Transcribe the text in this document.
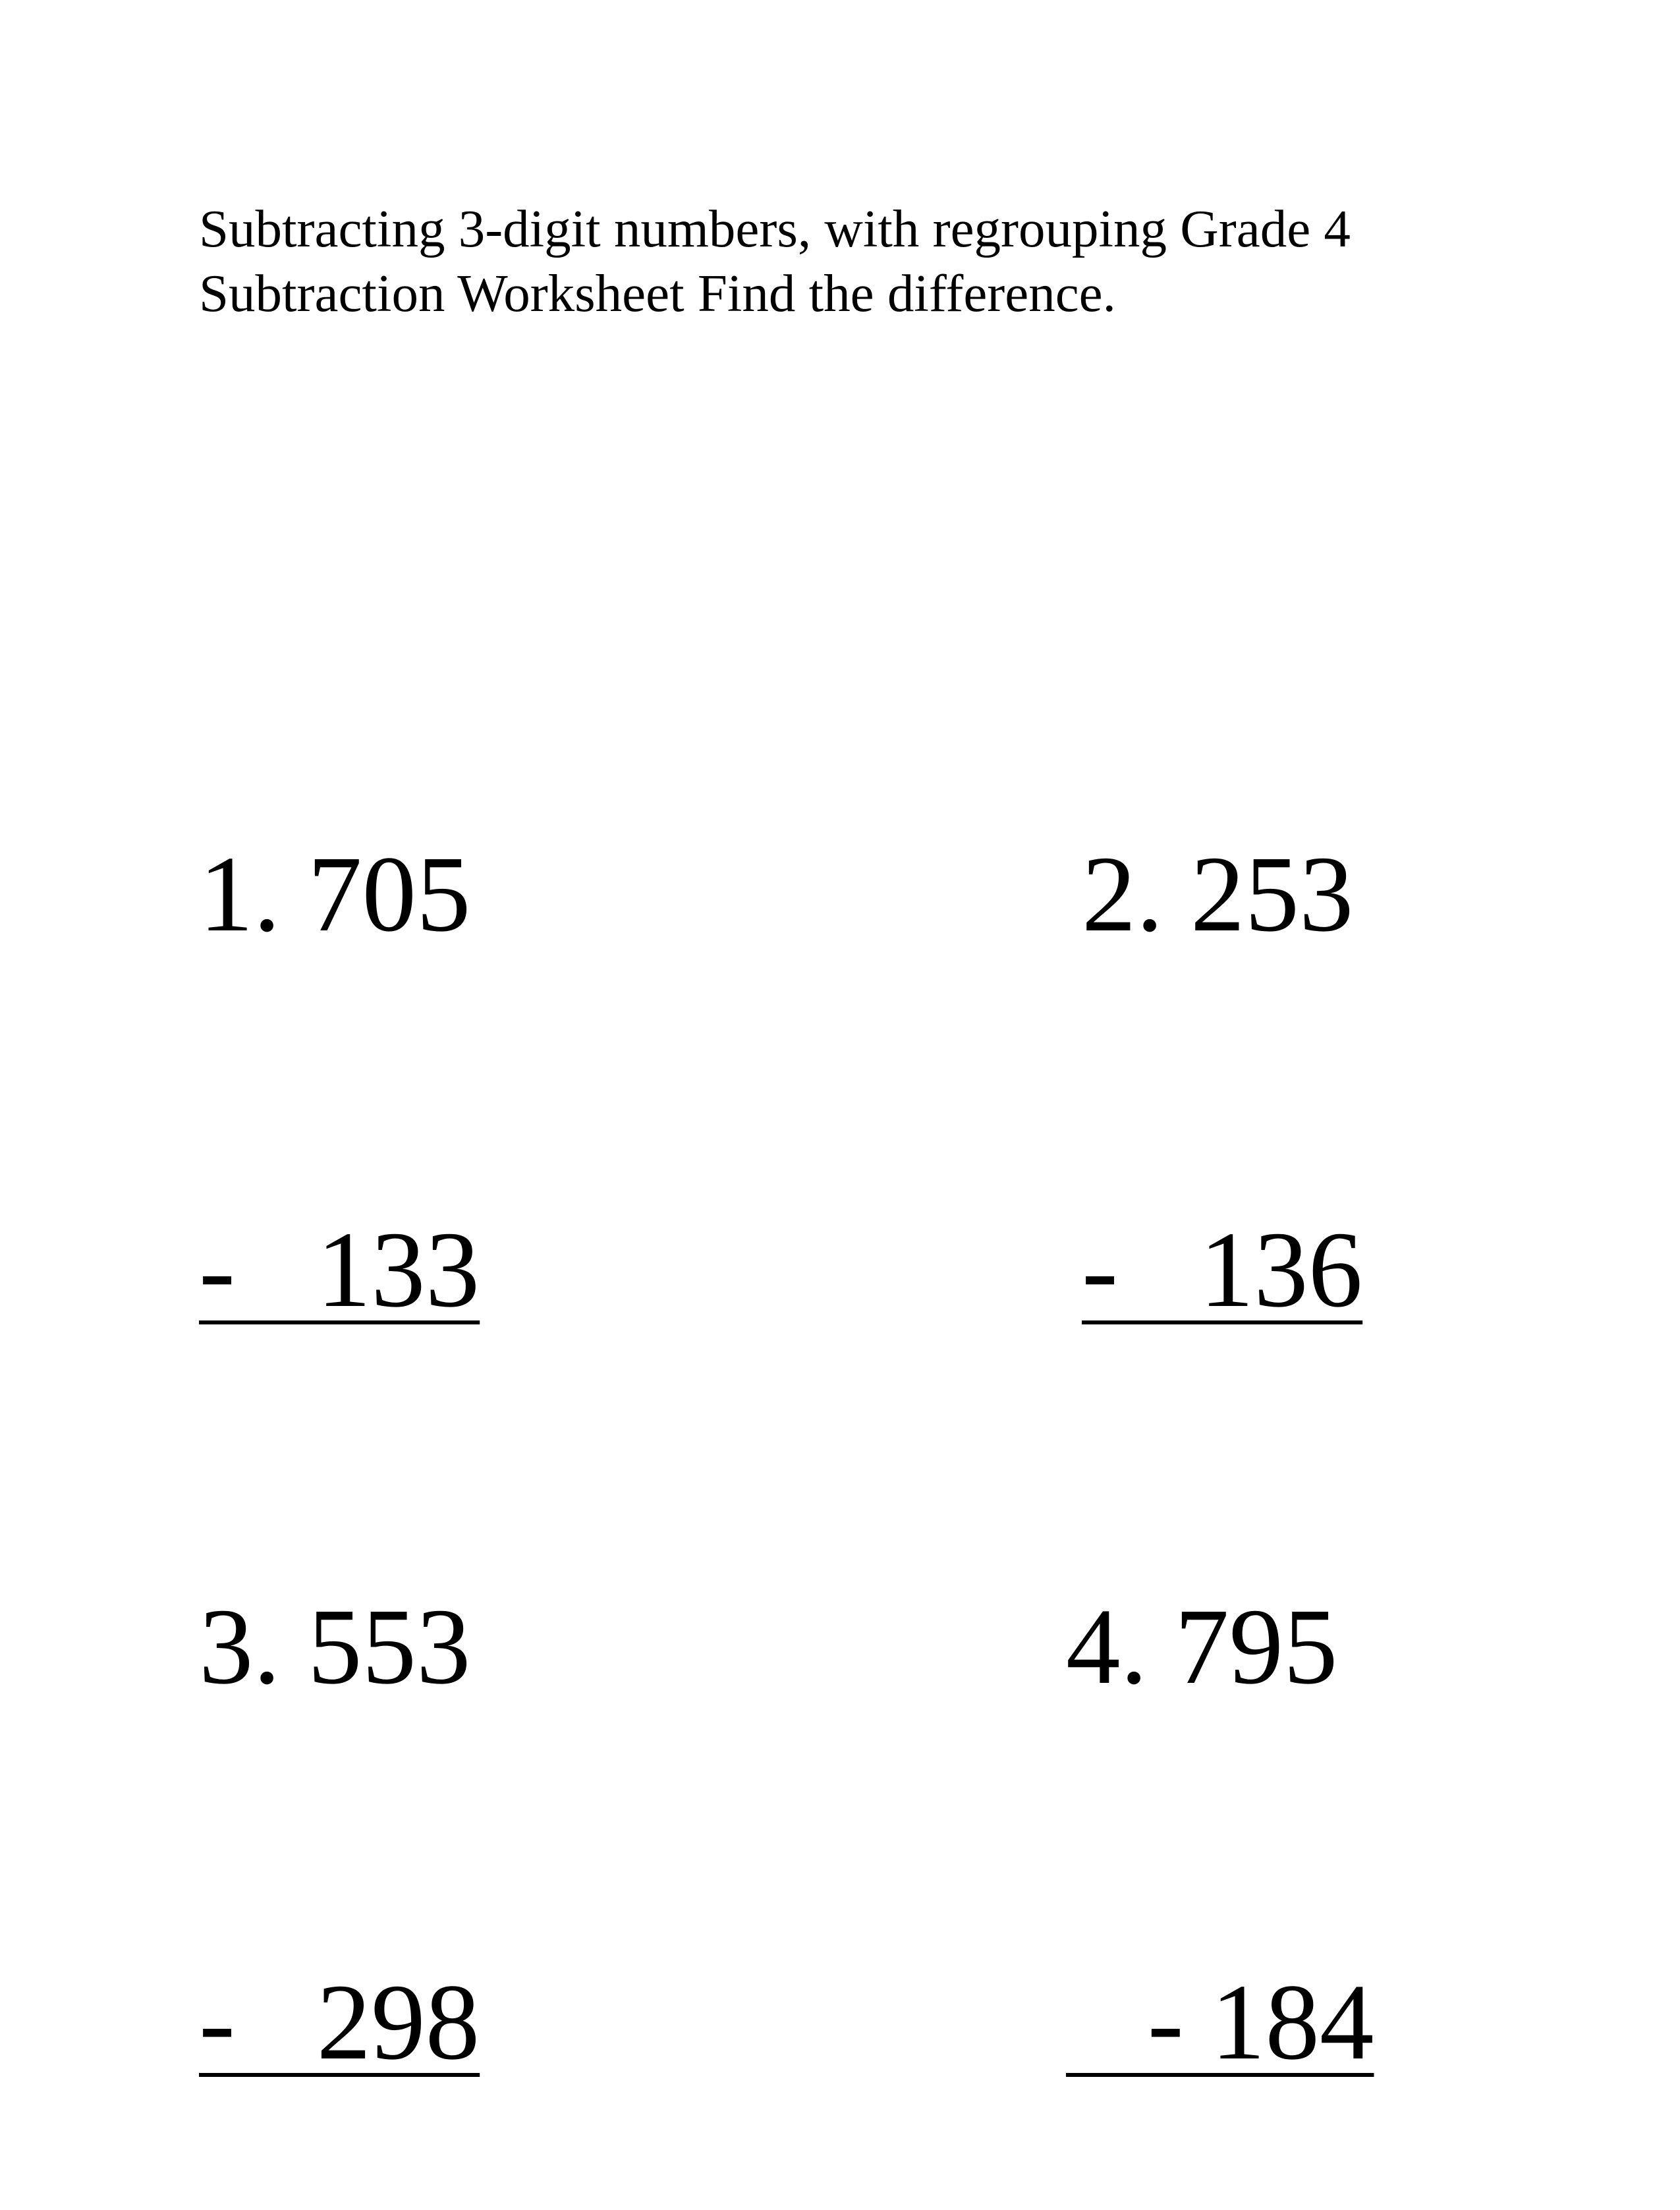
Subtracting 3-digit numbers, with regrouping Grade 4

Subtraction Worksheet Find the difference.

1. 705

-   133

2. 253

-   136

3. 553

-   298

4. 795

- 184
